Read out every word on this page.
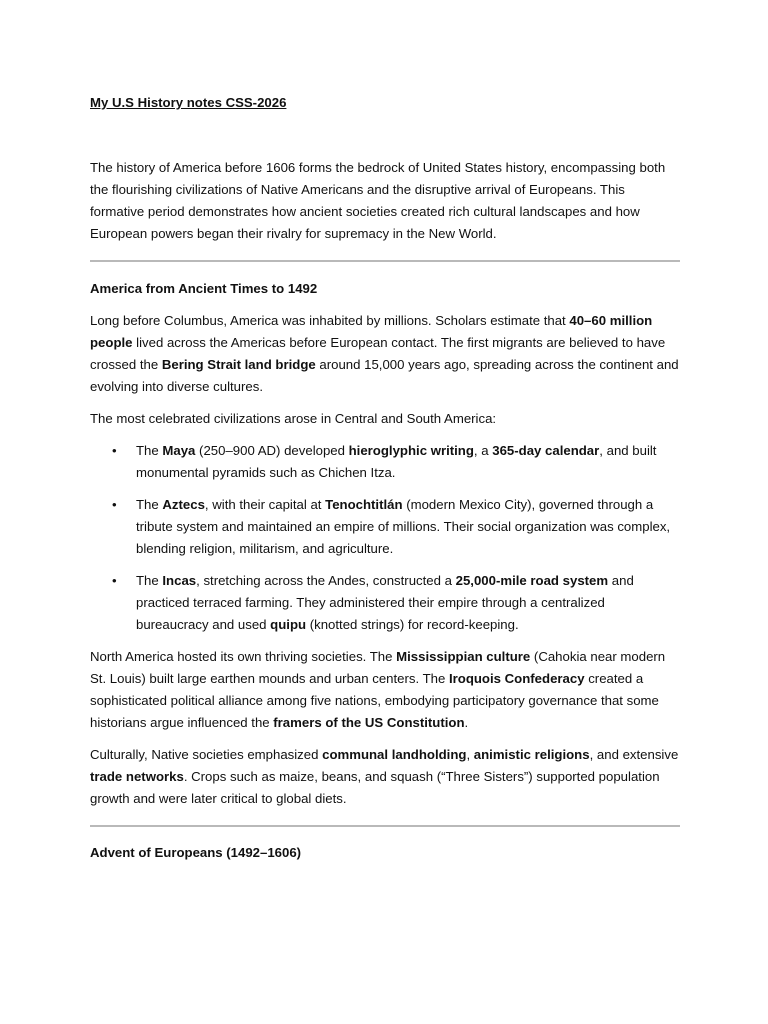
My U.S History notes CSS-2026

The history of America before 1606 forms the bedrock of United States history, encompassing both the flourishing civilizations of Native Americans and the disruptive arrival of Europeans. This formative period demonstrates how ancient societies created rich cultural landscapes and how European powers began their rivalry for supremacy in the New World.

America from Ancient Times to 1492

Long before Columbus, America was inhabited by millions. Scholars estimate that 40–60 million people lived across the Americas before European contact. The first migrants are believed to have crossed the Bering Strait land bridge around 15,000 years ago, spreading across the continent and evolving into diverse cultures.

The most celebrated civilizations arose in Central and South America:

• The Maya (250–900 AD) developed hieroglyphic writing, a 365-day calendar, and built monumental pyramids such as Chichen Itza.
• The Aztecs, with their capital at Tenochtitlán (modern Mexico City), governed through a tribute system and maintained an empire of millions. Their social organization was complex, blending religion, militarism, and agriculture.
• The Incas, stretching across the Andes, constructed a 25,000-mile road system and practiced terraced farming. They administered their empire through a centralized bureaucracy and used quipu (knotted strings) for record-keeping.

North America hosted its own thriving societies. The Mississippian culture (Cahokia near modern St. Louis) built large earthen mounds and urban centers. The Iroquois Confederacy created a sophisticated political alliance among five nations, embodying participatory governance that some historians argue influenced the framers of the US Constitution.

Culturally, Native societies emphasized communal landholding, animistic religions, and extensive trade networks. Crops such as maize, beans, and squash (“Three Sisters”) supported population growth and were later critical to global diets.

Advent of Europeans (1492–1606)
